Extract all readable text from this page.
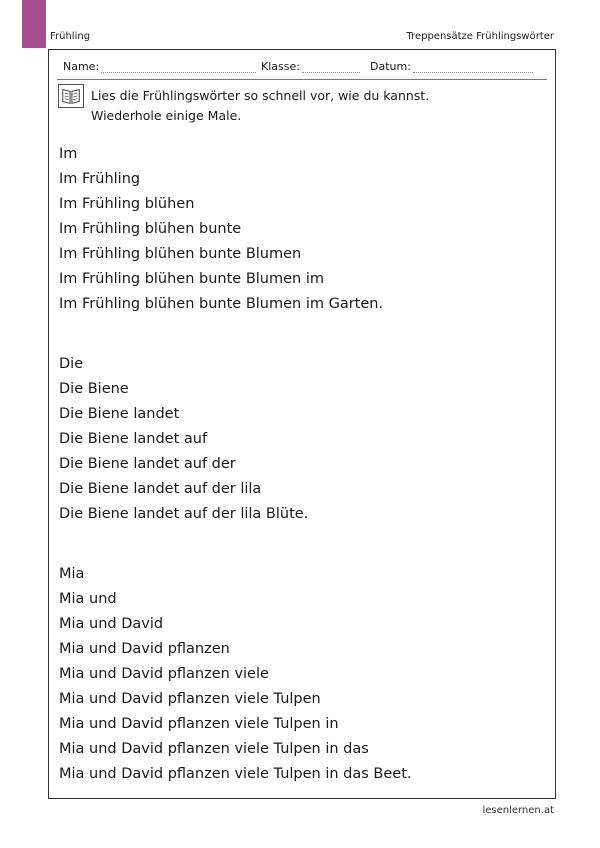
Frühling	Treppensätze Frühlingswörter
Name:	Klasse:	Datum:
Lies die Frühlingswörter so schnell vor, wie du kannst.
Wiederhole einige Male.
Im
Im Frühling
Im Frühling blühen
Im Frühling blühen bunte
Im Frühling blühen bunte Blumen
Im Frühling blühen bunte Blumen im
Im Frühling blühen bunte Blumen im Garten.
Die
Die Biene
Die Biene landet
Die Biene landet auf
Die Biene landet auf der
Die Biene landet auf der lila
Die Biene landet auf der lila Blüte.
Mia
Mia und
Mia und David
Mia und David pflanzen
Mia und David pflanzen viele
Mia und David pflanzen viele Tulpen
Mia und David pflanzen viele Tulpen in
Mia und David pflanzen viele Tulpen in das
Mia und David pflanzen viele Tulpen in das Beet.
lesenlernen.at
